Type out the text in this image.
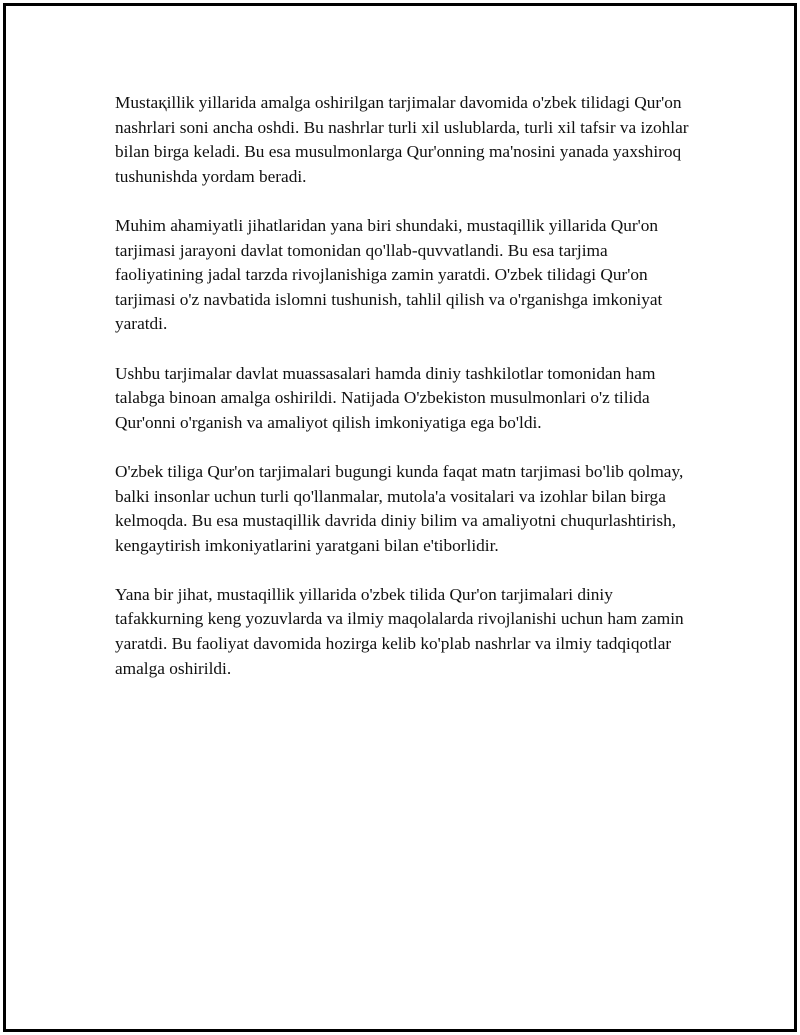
Mustaқillik yillarida amalga oshirilgan tarjimalar davomida o'zbek tilidagi Qur'on nashrlari soni ancha oshdi. Bu nashrlar turli xil uslublarda, turli xil tafsir va izohlar bilan birga keladi. Bu esa musulmonlarga Qur'onning ma'nosini yanada yaxshiroq tushunishda yordam beradi.

Muhim ahamiyatli jihatlaridan yana biri shundaki, mustaqillik yillarida Qur'on tarjimasi jarayoni davlat tomonidan qo'llab-quvvatlandi. Bu esa tarjima faoliyatining jadal tarzda rivojlanishiga zamin yaratdi. O'zbek tilidagi Qur'on tarjimasi o'z navbatida islomni tushunish, tahlil qilish va o'rganishga imkoniyat yaratdi.

Ushbu tarjimalar davlat muassasalari hamda diniy tashkilotlar tomonidan ham talabga binoan amalga oshirildi. Natijada O'zbekiston musulmonlari o'z tilida Qur'onni o'rganish va amaliyot qilish imkoniyatiga ega bo'ldi.

O'zbek tiliga Qur'on tarjimalari bugungi kunda faqat matn tarjimasi bo'lib qolmay, balki insonlar uchun turli qo'llanmalar, mutola'a vositalari va izohlar bilan birga kelmoqda. Bu esa mustaqillik davrida diniy bilim va amaliyotni chuqurlashtirish, kengaytirish imkoniyatlarini yaratgani bilan e'tiborlidir.

Yana bir jihat, mustaqillik yillarida o'zbek tilida Qur'on tarjimalari diniy tafakkurning keng yozuvlarda va ilmiy maqolalarda rivojlanishi uchun ham zamin yaratdi. Bu faoliyat davomida hozirga kelib ko'plab nashrlar va ilmiy tadqiqotlar amalga oshirildi.
